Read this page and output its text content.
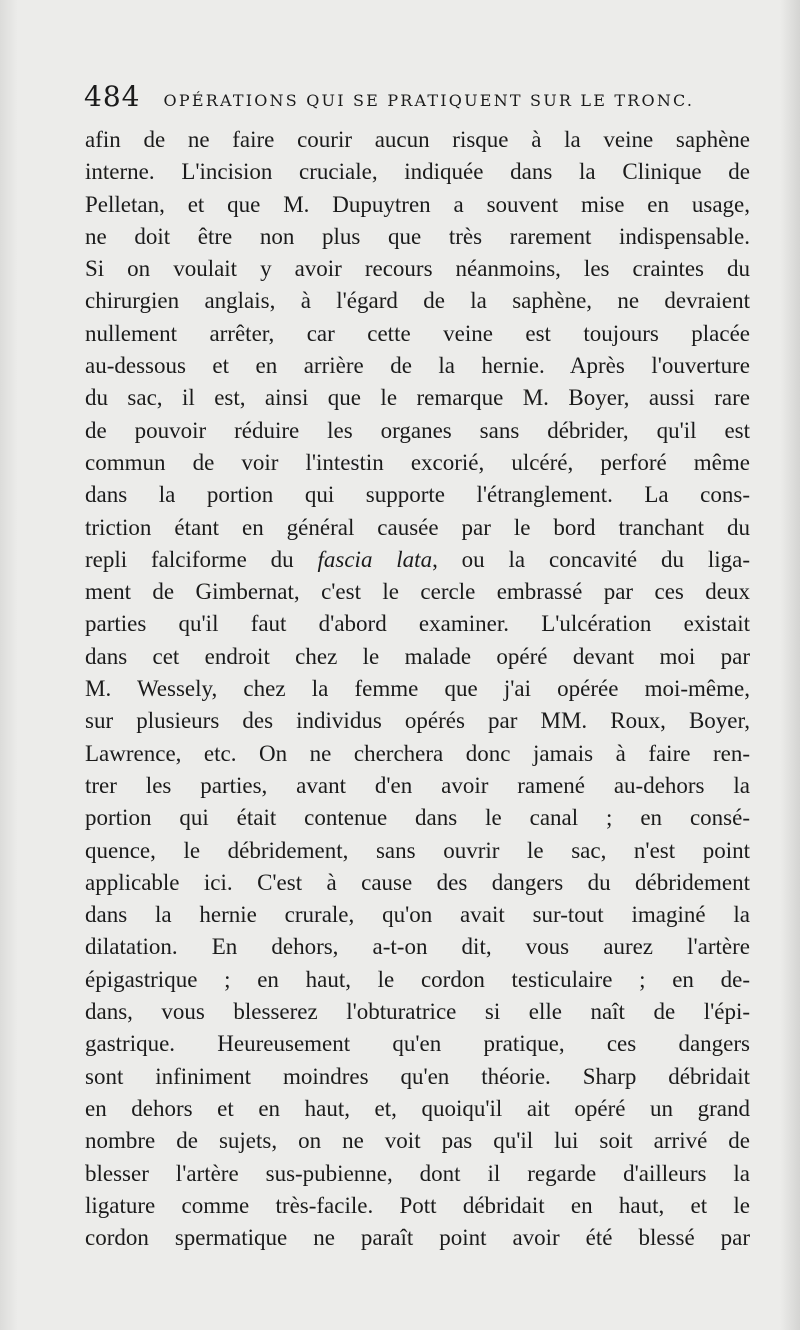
484 OPÉRATIONS QUI SE PRATIQUENT SUR LE TRONC.
afin de ne faire courir aucun risque à la veine saphène
interne. L'incision cruciale, indiquée dans la Clinique de
Pelletan, et que M. Dupuytren a souvent mise en usage,
ne doit être non plus que très rarement indispensable.
Si on voulait y avoir recours néanmoins, les craintes du
chirurgien anglais, à l'égard de la saphène, ne devraient
nullement arrêter, car cette veine est toujours placée
au-dessous et en arrière de la hernie. Après l'ouverture
du sac, il est, ainsi que le remarque M. Boyer, aussi rare
de pouvoir réduire les organes sans débrider, qu'il est
commun de voir l'intestin excorié, ulcéré, perforé même
dans la portion qui supporte l'étranglement. La cons-
triction étant en général causée par le bord tranchant du
repli falciforme du fascia lata, ou la concavité du liga-
ment de Gimbernat, c'est le cercle embrassé par ces deux
parties qu'il faut d'abord examiner. L'ulcération existait
dans cet endroit chez le malade opéré devant moi par
M. Wessely, chez la femme que j'ai opérée moi-même,
sur plusieurs des individus opérés par MM. Roux, Boyer,
Lawrence, etc. On ne cherchera donc jamais à faire ren-
trer les parties, avant d'en avoir ramené au-dehors la
portion qui était contenue dans le canal ; en consé-
quence, le débridement, sans ouvrir le sac, n'est point
applicable ici. C'est à cause des dangers du débridement
dans la hernie crurale, qu'on avait sur-tout imaginé la
dilatation. En dehors, a-t-on dit, vous aurez l'artère
épigastrique ; en haut, le cordon testiculaire ; en de-
dans, vous blesserez l'obturatrice si elle naît de l'épi-
gastrique. Heureusement qu'en pratique, ces dangers
sont infiniment moindres qu'en théorie. Sharp débridait
en dehors et en haut, et, quoiqu'il ait opéré un grand
nombre de sujets, on ne voit pas qu'il lui soit arrivé de
blesser l'artère sus-pubienne, dont il regarde d'ailleurs la
ligature comme très-facile. Pott débridait en haut, et le
cordon spermatique ne paraît point avoir été blessé par
